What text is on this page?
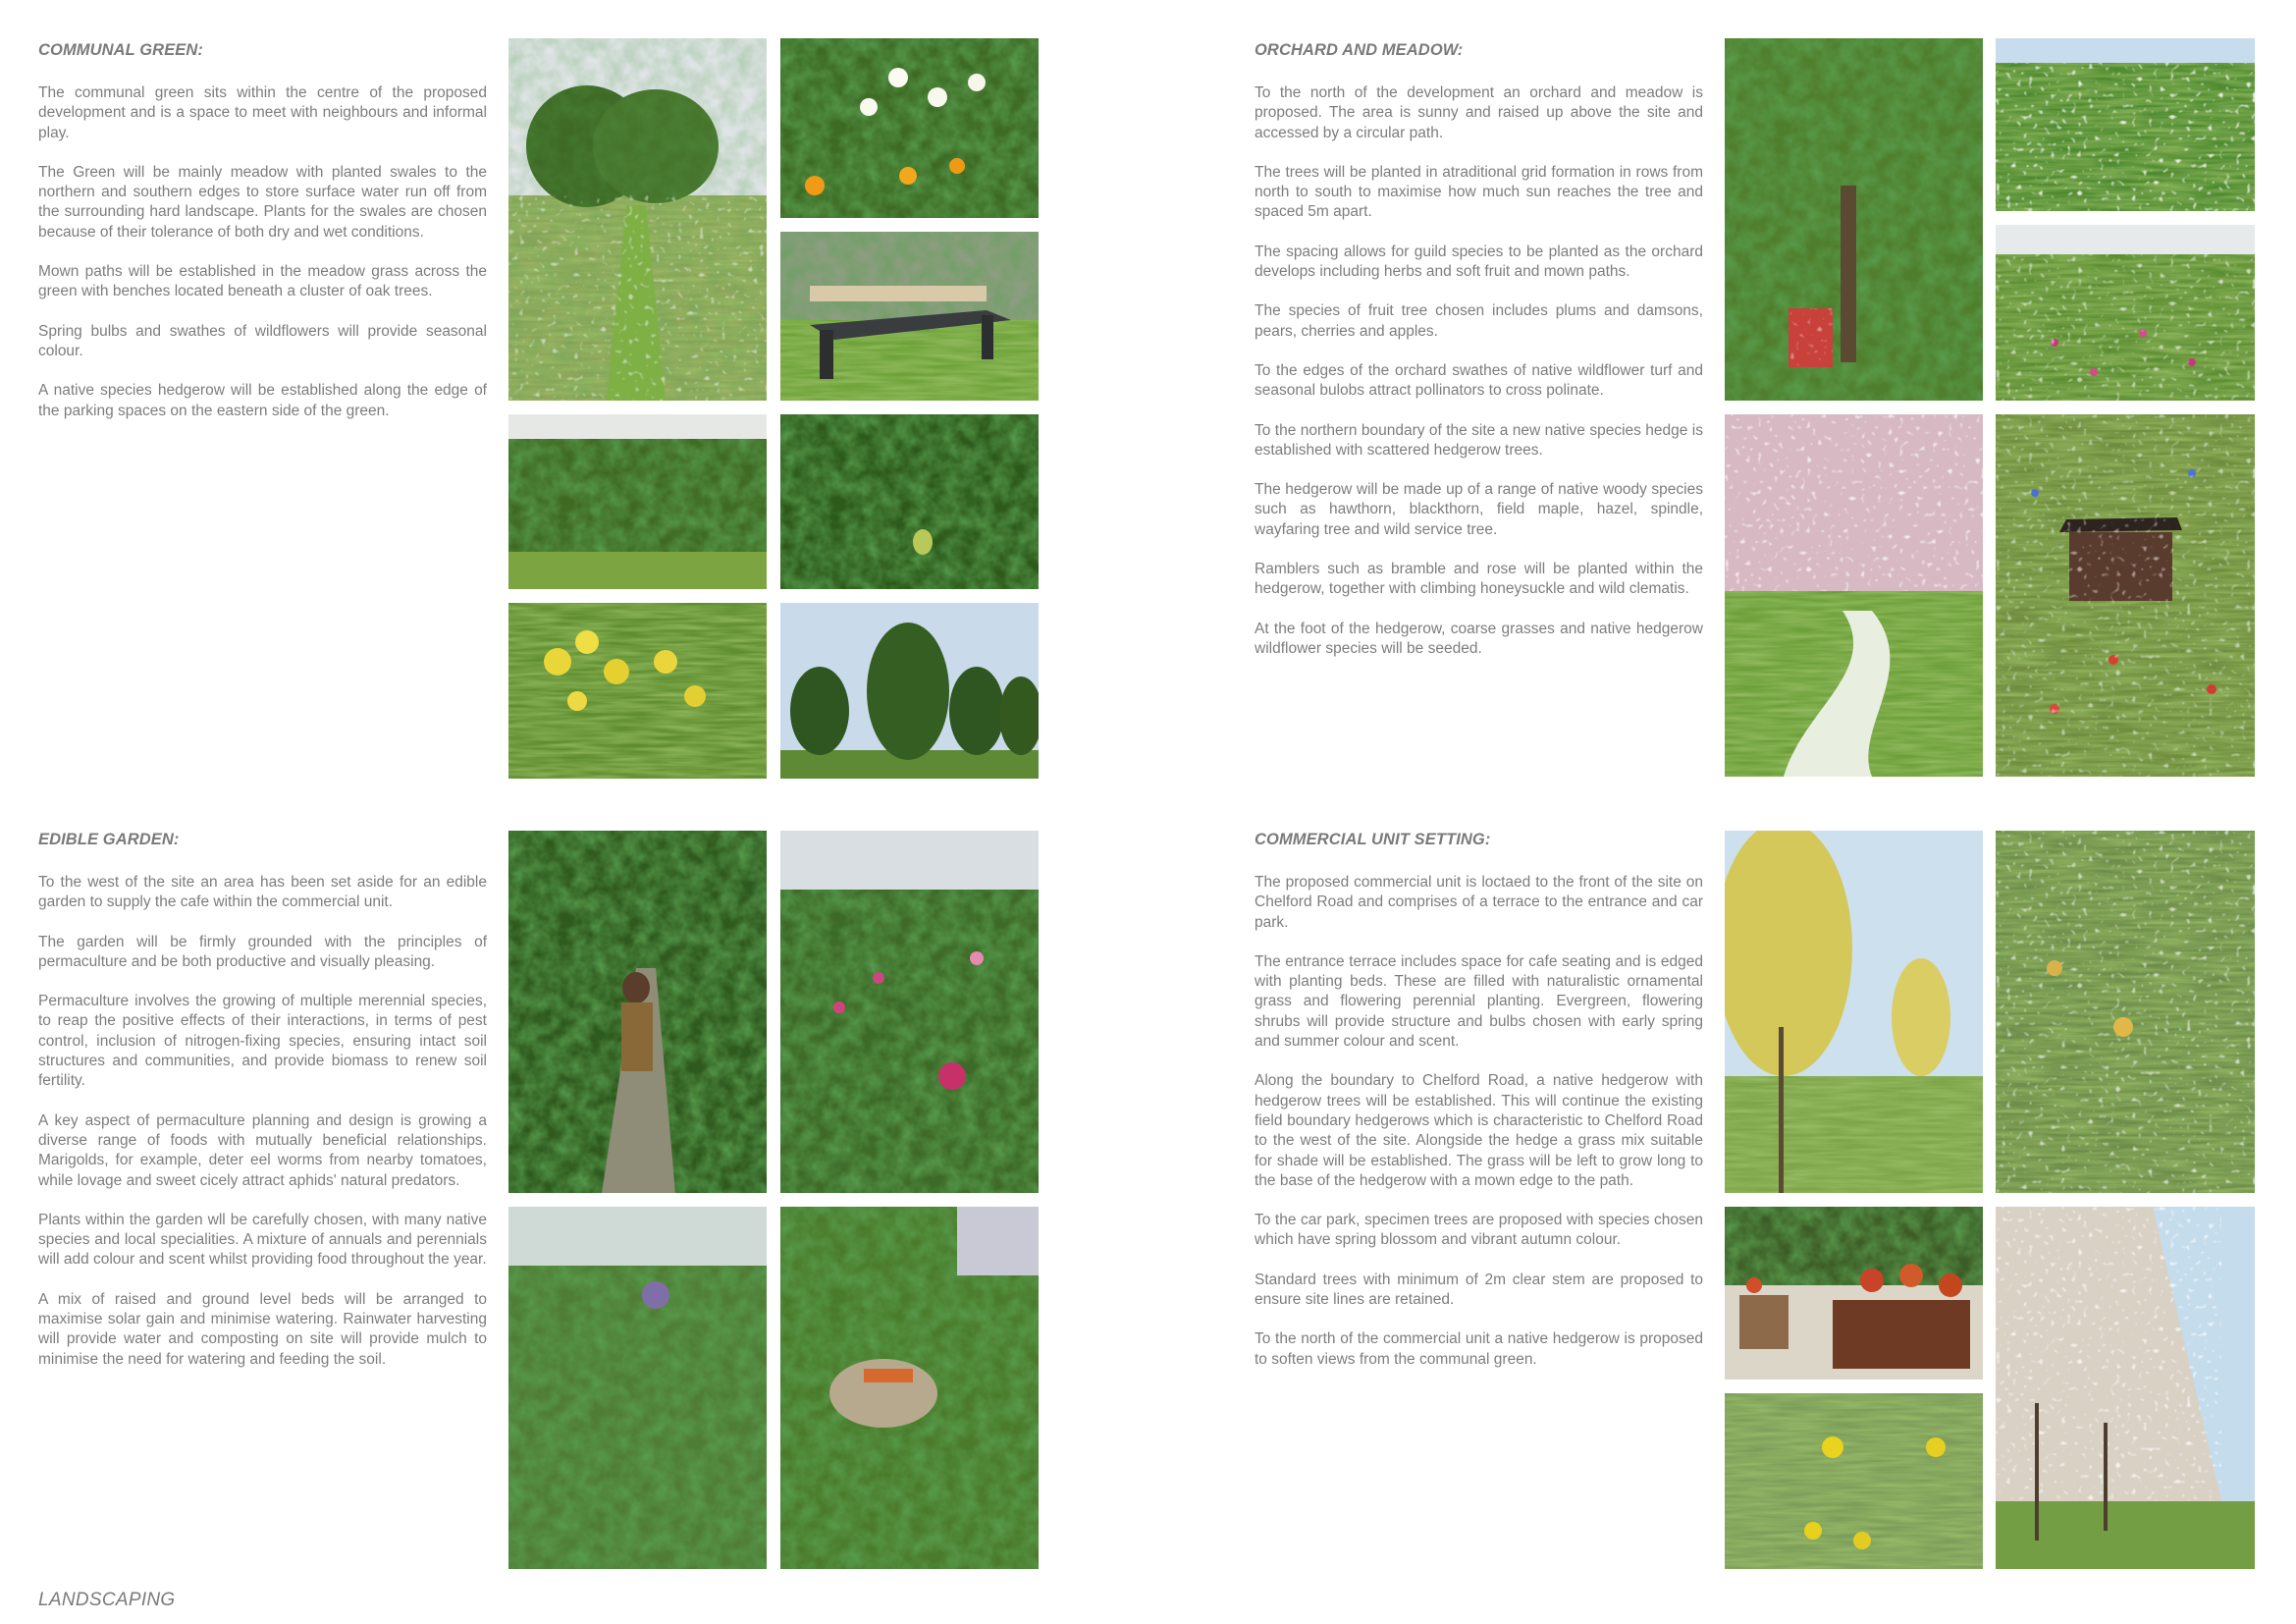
COMMUNAL GREEN:

The communal green sits within the centre of the proposed development and is a space to meet with neighbours and informal play.

The Green will be mainly meadow with planted swales to the northern and southern edges to store surface water run off from the surrounding hard landscape. Plants for the swales are chosen because of their tolerance of both dry and wet conditions.

Mown paths will be established in the meadow grass across the green with benches located beneath a cluster of oak trees.

Spring bulbs and swathes of wildflowers will provide seasonal colour.

A native species hedgerow will be established along the edge of the parking spaces on the eastern side of the green.

ORCHARD AND MEADOW:

To the north of the development an orchard and meadow is proposed. The area is sunny and raised up above the site and accessed by a circular path.

The trees will be planted in atraditional grid formation in rows from north to south to maximise how much sun reaches the tree and spaced 5m apart.

The spacing allows for guild species to be planted as the orchard develops including herbs and soft fruit and mown paths.

The species of fruit tree chosen includes plums and damsons, pears, cherries and apples.

To the edges of the orchard swathes of native wildflower turf and seasonal bulobs attract pollinators to cross polinate.

To the northern boundary of the site a new native species hedge is established with scattered hedgerow trees.

The hedgerow will be made up of a range of native woody species such as hawthorn, blackthorn, field maple, hazel, spindle, wayfaring tree and wild service tree.

Ramblers such as bramble and rose will be planted within the hedgerow, together with climbing honeysuckle and wild clematis.

At the foot of the hedgerow, coarse grasses and native hedgerow wildflower species will be seeded.

EDIBLE GARDEN:

To the west of the site an area has been set aside for an edible garden to supply the cafe within the commercial unit.

The garden will be firmly grounded with the principles of permaculture and be both productive and visually pleasing.

Permaculture involves the growing of multiple merennial species, to reap the positive effects of their interactions, in terms of pest control, inclusion of nitrogen-fixing species, ensuring intact soil structures and communities, and provide biomass to renew soil fertility.

A key aspect of permaculture planning and design is growing a diverse range of foods with mutually beneficial relationships. Marigolds, for example, deter eel worms from nearby tomatoes, while lovage and sweet cicely attract aphids' natural predators.

Plants within the garden wll be carefully chosen, with many native species and local specialities. A mixture of annuals and perennials will add colour and scent whilst providing food throughout the year.

A mix of raised and ground level beds will be arranged to maximise solar gain and minimise watering. Rainwater harvesting will provide water and composting on site will provide mulch to minimise the need for watering and feeding the soil.

COMMERCIAL UNIT SETTING:

The proposed commercial unit is loctaed to the front of the site on Chelford Road and comprises of a terrace to the entrance and car park.

The entrance terrace includes space for cafe seating and is edged with planting beds. These are filled with naturalistic ornamental grass and flowering perennial planting. Evergreen, flowering shrubs will provide structure and bulbs chosen with early spring and summer colour and scent.

Along the boundary to Chelford Road, a native hedgerow with hedgerow trees will be established. This will continue the existing field boundary hedgerows which is characteristic to Chelford Road to the west of the site. Alongside the hedge a grass mix suitable for shade will be established. The grass will be left to grow long to the base of the hedgerow with a mown edge to the path.

To the car park, specimen trees are proposed with species chosen which have spring blossom and vibrant autumn colour.

Standard trees with minimum of 2m clear stem are proposed to ensure site lines are retained.

To the north of the commercial unit a native hedgerow is proposed to soften views from the communal green.

LANDSCAPING
